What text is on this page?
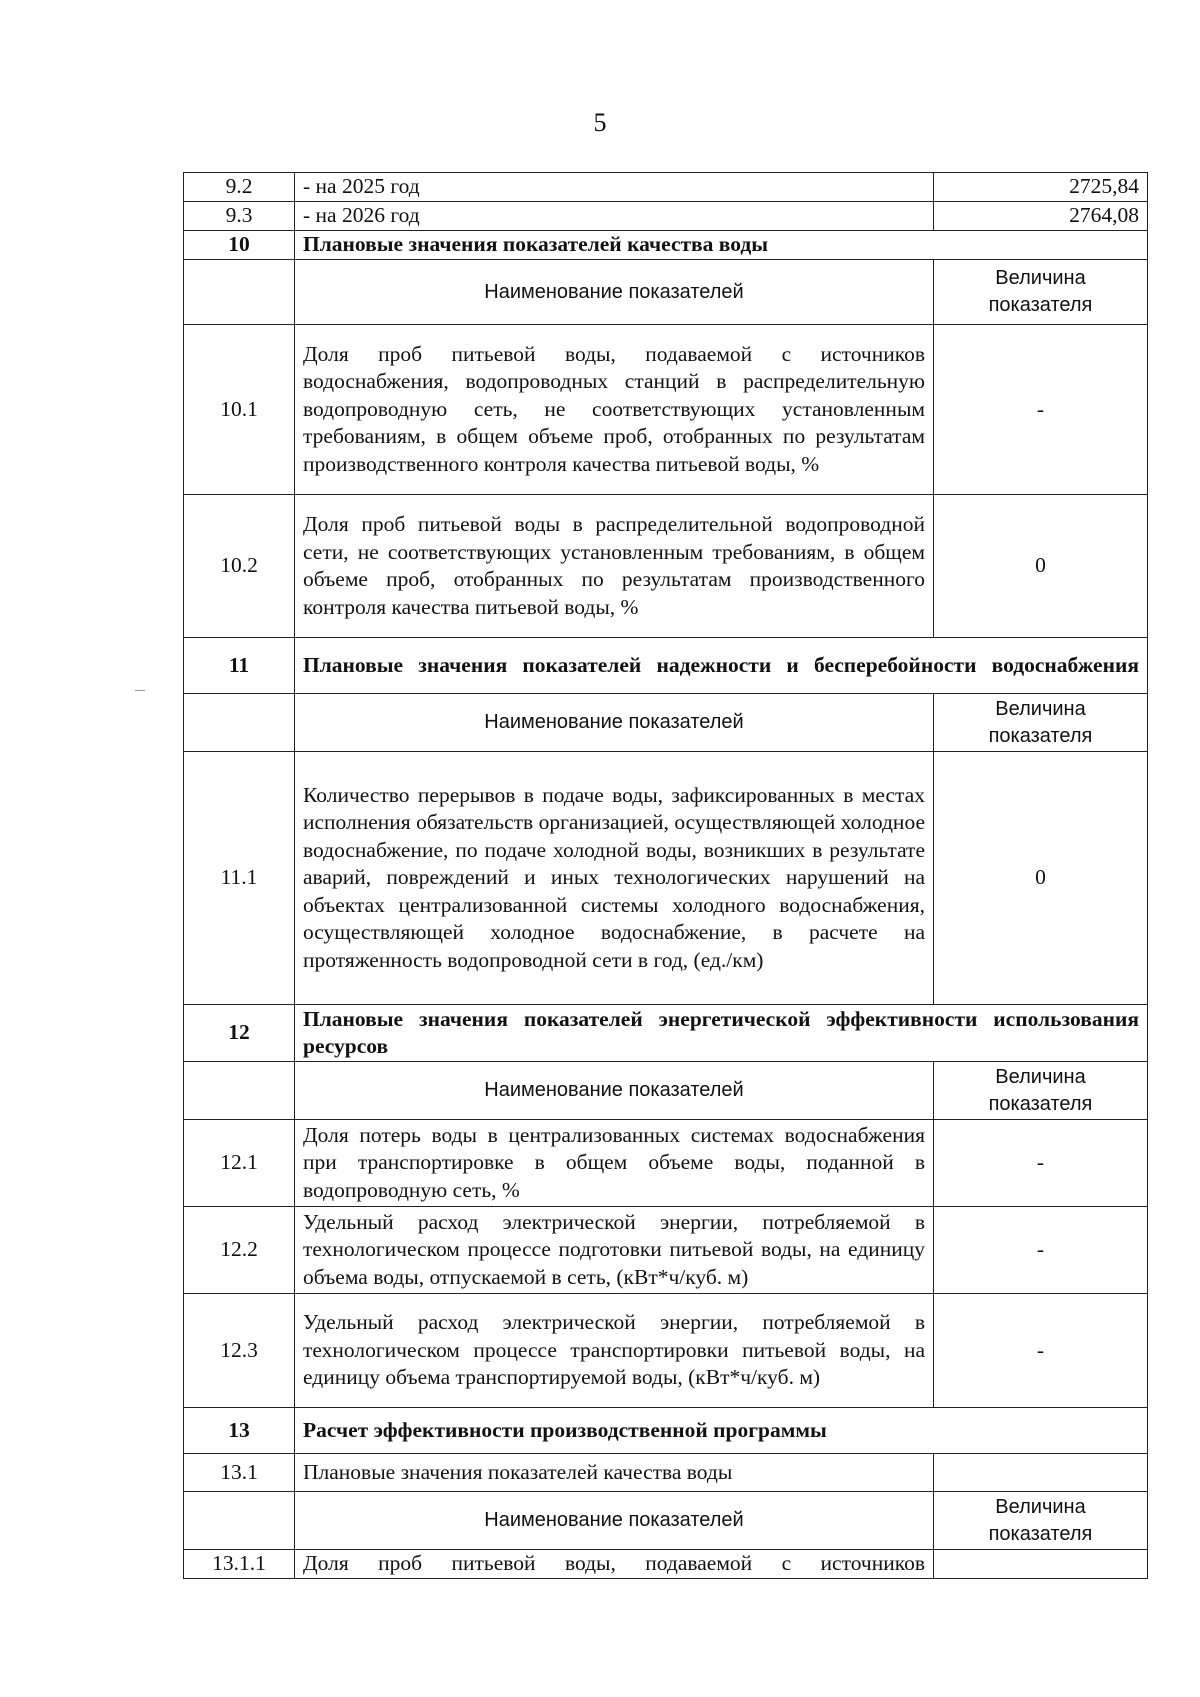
5
9.2	- на 2025 год	2725,84
9.3	- на 2026 год	2764,08
10	Плановые значения показателей качества воды	
	Наименование показателей	Величина показателя
10.1	Доля проб питьевой воды, подаваемой с источников водоснабжения, водопроводных станций в распределительную водопроводную сеть, не соответствующих установленным требованиям, в общем объеме проб, отобранных по результатам производственного контроля качества питьевой воды, %	-
10.2	Доля проб питьевой воды в распределительной водопроводной сети, не соответствующих установленным требованиям, в общем объеме проб, отобранных по результатам производственного контроля качества питьевой воды, %	0
11	Плановые значения показателей надежности и бесперебойности водоснабжения	
	Наименование показателей	Величина показателя
11.1	Количество перерывов в подаче воды, зафиксированных в местах исполнения обязательств организацией, осуществляющей холодное водоснабжение, по подаче холодной воды, возникших в результате аварий, повреждений и иных технологических нарушений на объектах централизованной системы холодного водоснабжения, осуществляющей холодное водоснабжение, в расчете на протяженность водопроводной сети в год, (ед./км)	0
12	Плановые значения показателей энергетической эффективности использования ресурсов	
	Наименование показателей	Величина показателя
12.1	Доля потерь воды в централизованных системах водоснабжения при транспортировке в общем объеме воды, поданной в водопроводную сеть, %	-
12.2	Удельный расход электрической энергии, потребляемой в технологическом процессе подготовки питьевой воды, на единицу объема воды, отпускаемой в сеть, (кВт*ч/куб. м)	-
12.3	Удельный расход электрической энергии, потребляемой в технологическом процессе транспортировки питьевой воды, на единицу объема транспортируемой воды, (кВт*ч/куб. м)	-
13	Расчет эффективности производственной программы	
13.1	Плановые значения показателей качества воды	
	Наименование показателей	Величина показателя
13.1.1	Доля проб питьевой воды, подаваемой с источников	
